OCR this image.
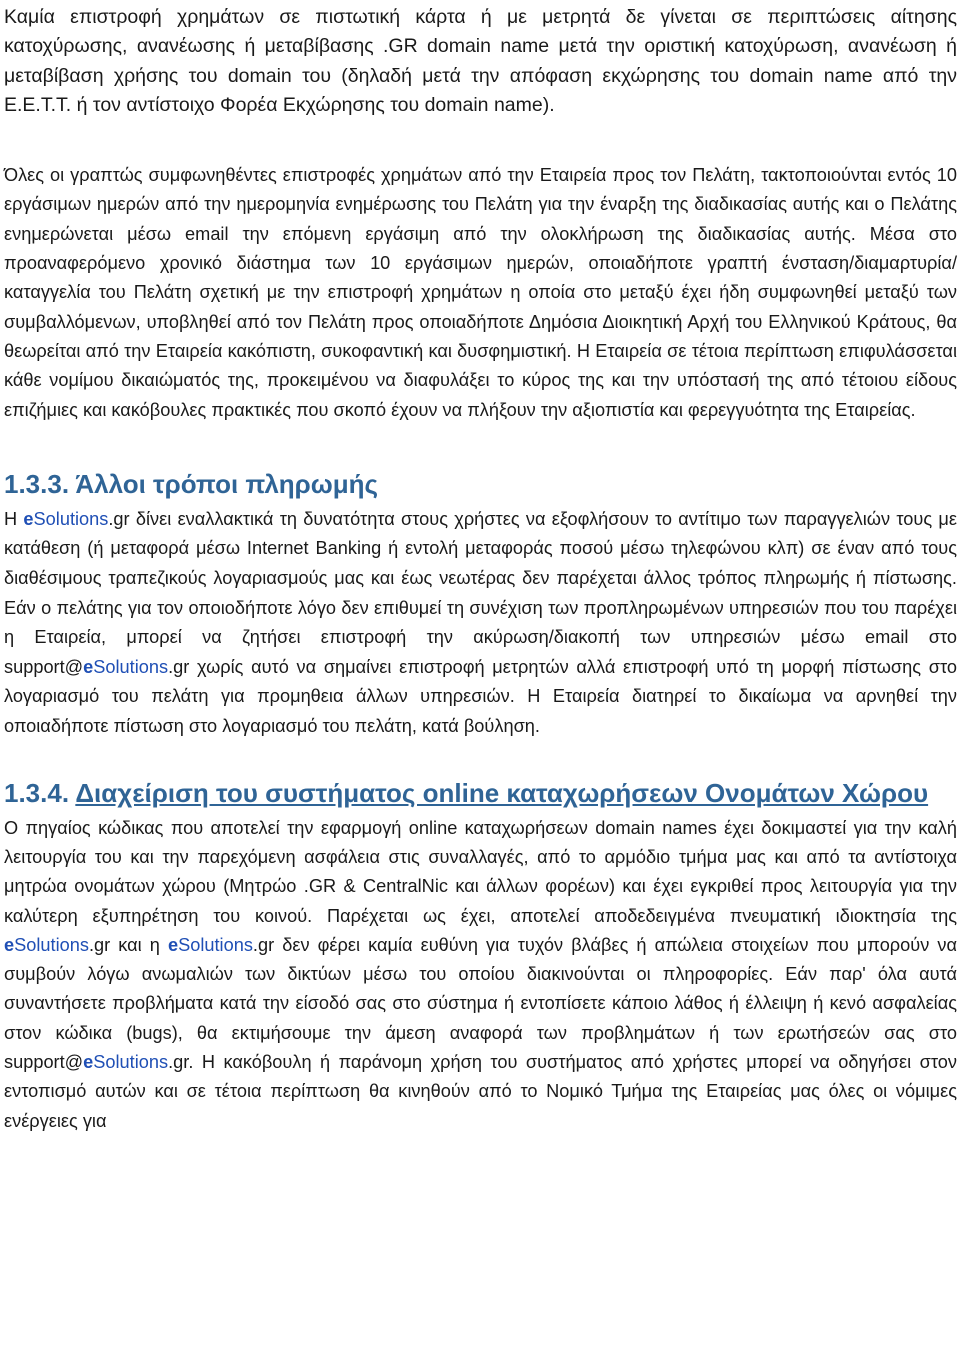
Καμία επιστροφή χρημάτων σε πιστωτική κάρτα ή με μετρητά δε γίνεται σε περιπτώσεις αίτησης κατοχύρωσης, ανανέωσης ή μεταβίβασης .GR domain name μετά την οριστική κατοχύρωση, ανανέωση ή μεταβίβαση χρήσης του domain του (δηλαδή μετά την απόφαση εκχώρησης του domain name από την Ε.Ε.Τ.Τ. ή τον αντίστοιχο Φορέα Εκχώρησης του domain name).

Όλες οι γραπτώς συμφωνηθέντες επιστροφές χρημάτων από την Εταιρεία προς τον Πελάτη, τακτοποιούνται εντός 10 εργάσιμων ημερών από την ημερομηνία ενημέρωσης του Πελάτη για την έναρξη της διαδικασίας αυτής και ο Πελάτης ενημερώνεται μέσω email την επόμενη εργάσιμη από την ολοκλήρωση της διαδικασίας αυτής. Μέσα στο προαναφερόμενο χρονικό διάστημα των 10 εργάσιμων ημερών, οποιαδήποτε γραπτή ένσταση/διαμαρτυρία/καταγγελία του Πελάτη σχετική με την επιστροφή χρημάτων η οποία στο μεταξύ έχει ήδη συμφωνηθεί μεταξύ των συμβαλλόμενων, υποβληθεί από τον Πελάτη προς οποιαδήποτε Δημόσια Διοικητική Αρχή του Ελληνικού Κράτους, θα θεωρείται από την Εταιρεία κακόπιστη, συκοφαντική και δυσφημιστική. Η Εταιρεία σε τέτοια περίπτωση επιφυλάσσεται κάθε νομίμου δικαιώματός της, προκειμένου να διαφυλάξει το κύρος της και την υπόστασή της από τέτοιου είδους επιζήμιες και κακόβουλες πρακτικές που σκοπό έχουν να πλήξουν την αξιοπιστία και φερεγγυότητα της Εταιρείας.

1.3.3. Άλλοι τρόποι πληρωμής

Η eSolutions.gr δίνει εναλλακτικά τη δυνατότητα στους χρήστες να εξοφλήσουν το αντίτιμο των παραγγελιών τους με κατάθεση (ή μεταφορά μέσω Internet Banking ή εντολή μεταφοράς ποσού μέσω τηλεφώνου κλπ) σε έναν από τους διαθέσιμους τραπεζικούς λογαριασμούς μας και έως νεωτέρας δεν παρέχεται άλλος τρόπος πληρωμής ή πίστωσης. Εάν ο πελάτης για τον οποιοδήποτε λόγο δεν επιθυμεί τη συνέχιση των προπληρωμένων υπηρεσιών που του παρέχει η Εταιρεία, μπορεί να ζητήσει επιστροφή την ακύρωση/διακοπή των υπηρεσιών μέσω email στο support@eSolutions.gr χωρίς αυτό να σημαίνει επιστροφή μετρητών αλλά επιστροφή υπό τη μορφή πίστωσης στο λογαριασμό του πελάτη για προμηθεια άλλων υπηρεσιών. Η Εταιρεία διατηρεί το δικαίωμα να αρνηθεί την οποιαδήποτε πίστωση στο λογαριασμό του πελάτη, κατά βούληση.

1.3.4. Διαχείριση του συστήματος online καταχωρήσεων Ονομάτων Χώρου

Ο πηγαίος κώδικας που αποτελεί την εφαρμογή online καταχωρήσεων domain names έχει δοκιμαστεί για την καλή λειτουργία του και την παρεχόμενη ασφάλεια στις συναλλαγές, από το αρμόδιο τμήμα μας και από τα αντίστοιχα μητρώα ονομάτων χώρου (Μητρώο .GR & CentralNic και άλλων φορέων) και έχει εγκριθεί προς λειτουργία για την καλύτερη εξυπηρέτηση του κοινού. Παρέχεται ως έχει, αποτελεί αποδεδειγμένα πνευματική ιδιοκτησία της eSolutions.gr και η eSolutions.gr δεν φέρει καμία ευθύνη για τυχόν βλάβες ή απώλεια στοιχείων που μπορούν να συμβούν λόγω ανωμαλιών των δικτύων μέσω του οποίου διακινούνται οι πληροφορίες. Εάν παρ' όλα αυτά συναντήσετε προβλήματα κατά την είσοδό σας στο σύστημα ή εντοπίσετε κάποιο λάθος ή έλλειψη ή κενό ασφαλείας στον κώδικα (bugs), θα εκτιμήσουμε την άμεση αναφορά των προβλημάτων ή των ερωτήσεών σας στο support@eSolutions.gr. Η κακόβουλη ή παράνομη χρήση του συστήματος από χρήστες μπορεί να οδηγήσει στον εντοπισμό αυτών και σε τέτοια περίπτωση θα κινηθούν από το Νομικό Τμήμα της Εταιρείας μας όλες οι νόμιμες ενέργειες για
